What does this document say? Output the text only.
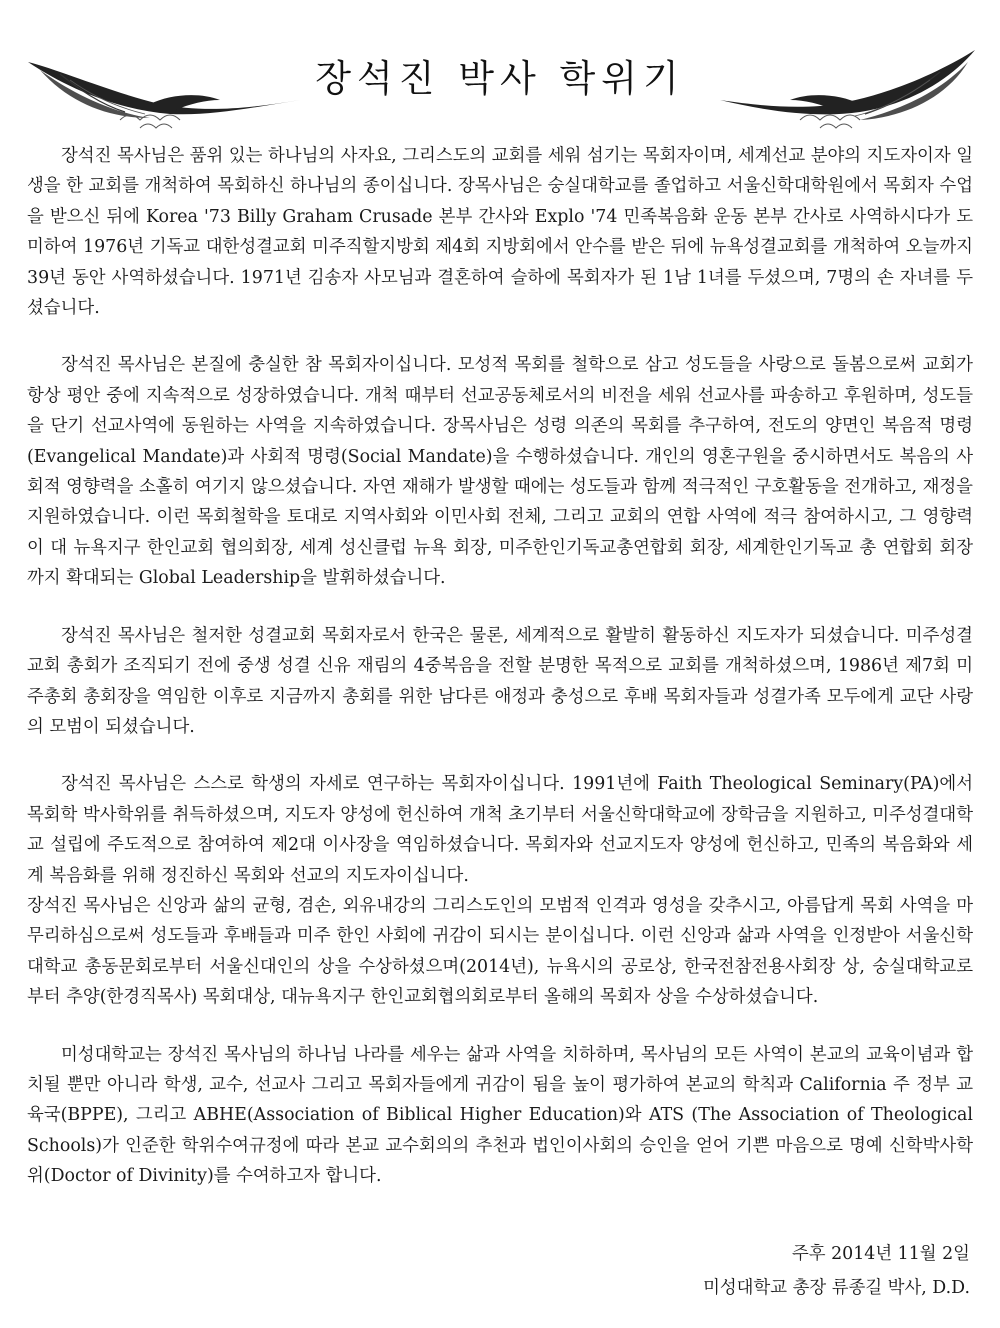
장석진 박사 학위기

장석진 목사님은 품위 있는 하나님의 사자요, 그리스도의 교회를 세워 섬기는 목회자이며, 세계선교 분야의 지도자이자 일생을 한 교회를 개척하여 목회하신 하나님의 종이십니다. 장목사님은 숭실대학교를 졸업하고 서울신학대학원에서 목회자 수업을 받으신 뒤에 Korea '73 Billy Graham Crusade 본부 간사와 Explo '74 민족복음화 운동 본부 간사로 사역하시다가 도미하여 1976년 기독교 대한성결교회 미주직할지방회 제4회 지방회에서 안수를 받은 뒤에 뉴욕성결교회를 개척하여 오늘까지 39년 동안 사역하셨습니다. 1971년 김송자 사모님과 결혼하여 슬하에 목회자가 된 1남 1녀를 두셨으며, 7명의 손 자녀를 두셨습니다.

장석진 목사님은 본질에 충실한 참 목회자이십니다. 모성적 목회를 철학으로 삼고 성도들을 사랑으로 돌봄으로써 교회가 항상 평안 중에 지속적으로 성장하였습니다. 개척 때부터 선교공동체로서의 비전을 세워 선교사를 파송하고 후원하며, 성도들을 단기 선교사역에 동원하는 사역을 지속하였습니다. 장목사님은 성령 의존의 목회를 추구하여, 전도의 양면인 복음적 명령(Evangelical Mandate)과 사회적 명령(Social Mandate)을 수행하셨습니다. 개인의 영혼구원을 중시하면서도 복음의 사회적 영향력을 소홀히 여기지 않으셨습니다. 자연 재해가 발생할 때에는 성도들과 함께 적극적인 구호활동을 전개하고, 재정을 지원하였습니다. 이런 목회철학을 토대로 지역사회와 이민사회 전체, 그리고 교회의 연합 사역에 적극 참여하시고, 그 영향력이 대 뉴욕지구 한인교회 협의회장, 세계 성신클럽 뉴욕 회장, 미주한인기독교총연합회 회장, 세계한인기독교 총 연합회 회장 까지 확대되는 Global Leadership을 발휘하셨습니다.

장석진 목사님은 철저한 성결교회 목회자로서 한국은 물론, 세계적으로 활발히 활동하신 지도자가 되셨습니다. 미주성결교회 총회가 조직되기 전에 중생 성결 신유 재림의 4중복음을 전할 분명한 목적으로 교회를 개척하셨으며, 1986년 제7회 미주총회 총회장을 역임한 이후로 지금까지 총회를 위한 남다른 애정과 충성으로 후배 목회자들과 성결가족 모두에게 교단 사랑의 모범이 되셨습니다.

장석진 목사님은 스스로 학생의 자세로 연구하는 목회자이십니다. 1991년에 Faith Theological Seminary(PA)에서 목회학 박사학위를 취득하셨으며, 지도자 양성에 헌신하여 개척 초기부터 서울신학대학교에 장학금을 지원하고, 미주성결대학교 설립에 주도적으로 참여하여 제2대 이사장을 역임하셨습니다. 목회자와 선교지도자 양성에 헌신하고, 민족의 복음화와 세계 복음화를 위해 정진하신 목회와 선교의 지도자이십니다.

장석진 목사님은 신앙과 삶의 균형, 겸손, 외유내강의 그리스도인의 모범적 인격과 영성을 갖추시고, 아름답게 목회 사역을 마무리하심으로써 성도들과 후배들과 미주 한인 사회에 귀감이 되시는 분이십니다. 이런 신앙과 삶과 사역을 인정받아 서울신학대학교 총동문회로부터 서울신대인의 상을 수상하셨으며(2014년), 뉴욕시의 공로상, 한국전참전용사회장 상, 숭실대학교로부터 추양(한경직목사) 목회대상, 대뉴욕지구 한인교회협의회로부터 올해의 목회자 상을 수상하셨습니다.

미성대학교는 장석진 목사님의 하나님 나라를 세우는 삶과 사역을 치하하며, 목사님의 모든 사역이 본교의 교육이념과 합치될 뿐만 아니라 학생, 교수, 선교사 그리고 목회자들에게 귀감이 됨을 높이 평가하여 본교의 학칙과 California 주 정부 교육국(BPPE), 그리고 ABHE(Association of Biblical Higher Education)와 ATS (The Association of Theological Schools)가 인준한 학위수여규정에 따라 본교 교수회의의 추천과 법인이사회의 승인을 얻어 기쁜 마음으로 명예 신학박사학위(Doctor of Divinity)를 수여하고자 합니다.

주후 2014년 11월 2일
미성대학교 총장 류종길 박사, D.D.
